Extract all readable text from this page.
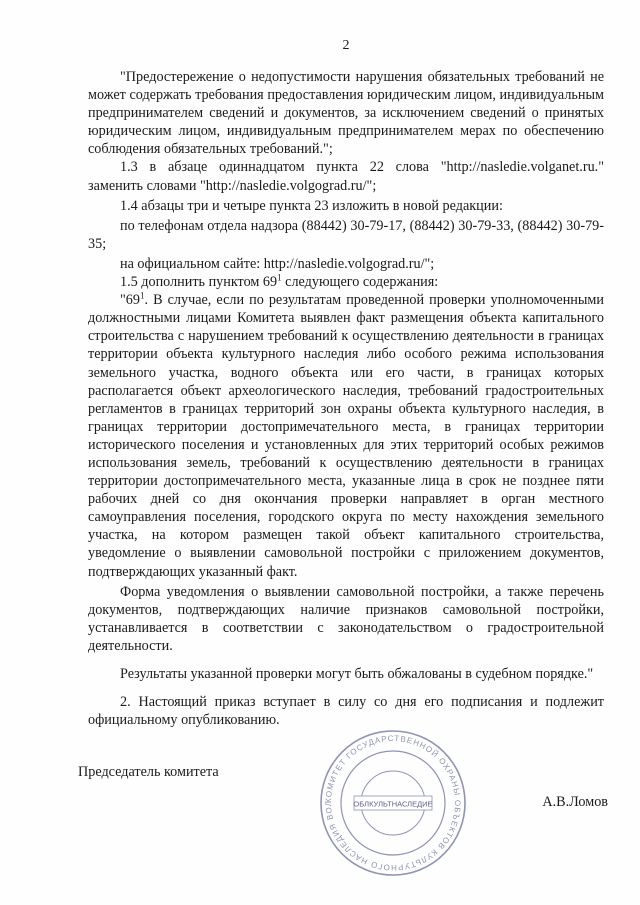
2

"Предостережение о недопустимости нарушения обязательных требований не может содержать требования предоставления юридическим лицом, индивидуальным предпринимателем сведений и документов, за исключением сведений о принятых юридическим лицом, индивидуальным предпринимателем мерах по обеспечению соблюдения обязательных требований.";

1.3 в абзаце одиннадцатом пункта 22 слова "http://nasledie.volganet.ru." заменить словами "http://nasledie.volgograd.ru/";

1.4 абзацы три и четыре пункта 23 изложить в новой редакции:

по телефонам отдела надзора (88442) 30-79-17, (88442) 30-79-33, (88442) 30-79-35;

на официальном сайте: http://nasledie.volgograd.ru/";

1.5 дополнить пунктом $69^1$ следующего содержания:

"$69^1$. В случае, если по результатам проведенной проверки уполномоченными должностными лицами Комитета выявлен факт размещения объекта капитального строительства с нарушением требований к осуществлению деятельности в границах территории объекта культурного наследия либо особого режима использования земельного участка, водного объекта или его части, в границах которых располагается объект археологического наследия, требований градостроительных регламентов в границах территорий зон охраны объекта культурного наследия, в границах территории достопримечательного места, в границах территории исторического поселения и установленных для этих территорий особых режимов использования земель, требований к осуществлению деятельности в границах территории достопримечательного места, указанные лица в срок не позднее пяти рабочих дней со дня окончания проверки направляет в орган местного самоуправления поселения, городского округа по месту нахождения земельного участка, на котором размещен такой объект капитального строительства, уведомление о выявлении самовольной постройки с приложением документов, подтверждающих указанный факт.

Форма уведомления о выявлении самовольной постройки, а также перечень документов, подтверждающих наличие признаков самовольной постройки, устанавливается в соответствии с законодательством о градостроительной деятельности.

Результаты указанной проверки могут быть обжалованы в судебном порядке."

2. Настоящий приказ вступает в силу со дня его подписания и подлежит официальному опубликованию.

Председатель комитета
КОМИТЕТ ГОСУДАРСТВЕННОЙ ОХРАНЫ ОБЪЕКТОВ КУЛЬТУРНОГО НАСЛЕДИЯ ВОЛ	ОБЛКУЛЬТНАСЛЕДИЕ	А.В.Ломов
